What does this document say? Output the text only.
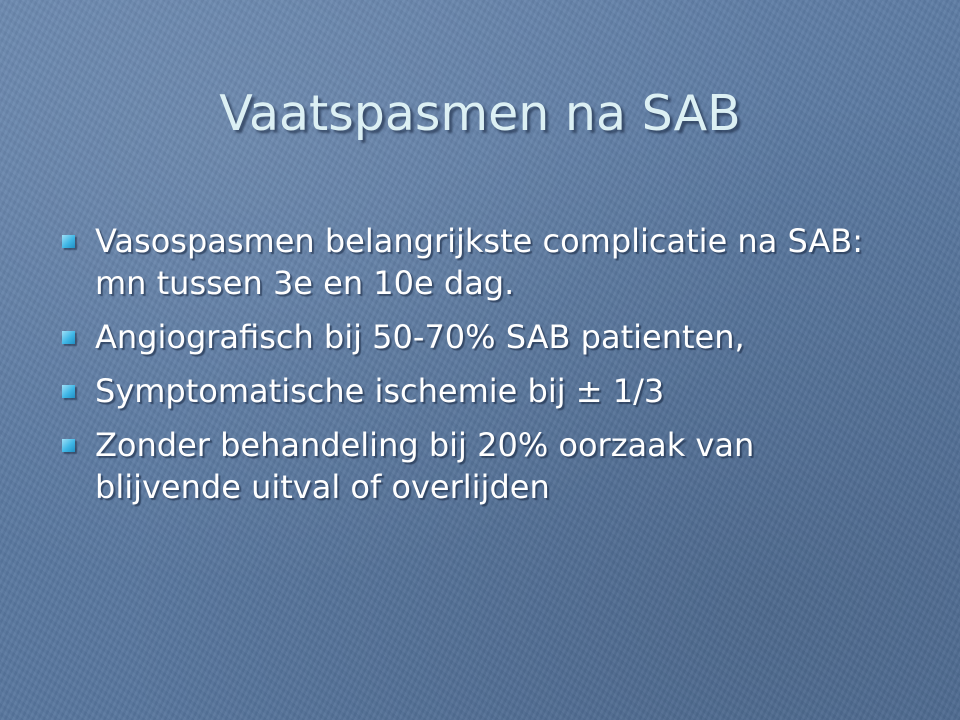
Vaatspasmen na SAB
Vasospasmen belangrijkste complicatie na SAB: mn tussen 3e en 10e dag.
Angiografisch bij 50-70% SAB patienten,
Symptomatische ischemie bij ± 1/3
Zonder behandeling bij 20% oorzaak van blijvende uitval of overlijden
